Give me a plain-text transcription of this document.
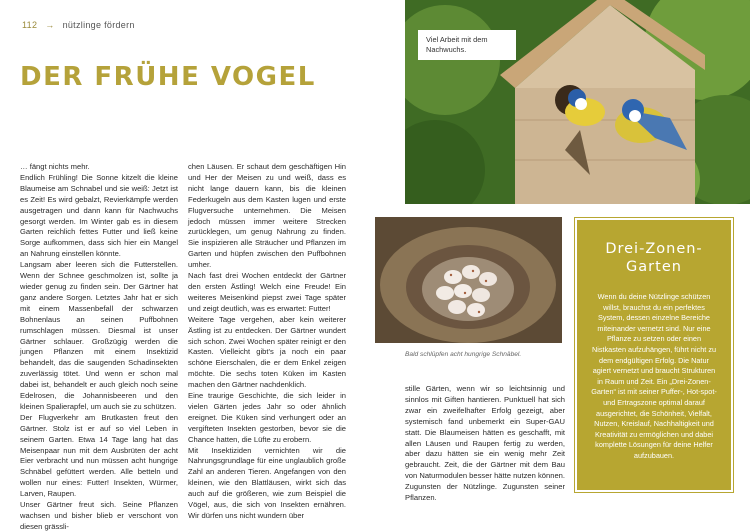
112 → nützlinge fördern
DER FRÜHE VOGEL

… fängt nichts mehr.

Endlich Frühling! Die Sonne kitzelt die kleine Blaumeise am Schnabel und sie weiß: Jetzt ist es Zeit! Es wird gebalzt, Revierkämpfe werden ausgetragen und dann kann für Nachwuchs gesorgt werden. Im Winter gab es in diesem Garten reichlich fettes Futter und ließ keine Sorge aufkommen, dass sich hier ein Mangel an Nahrung einstellen könnte.

Langsam aber leeren sich die Futterstellen. Wenn der Schnee geschmolzen ist, sollte ja wieder genug zu finden sein. Der Gärtner hat ganz andere Sorgen. Letztes Jahr hat er sich mit einem Massenbefall der schwarzen Bohnenlaus an seinen Puffbohnen rumschlagen müssen. Diesmal ist unser Gärtner schlauer. Großzügig werden die jungen Pflanzen mit einem Insektizid behandelt, das die saugenden Schadinsekten zuverlässig tötet. Und wenn er schon mal dabei ist, behandelt er auch gleich noch seine Edelrosen, die Johannisbeeren und den kleinen Spalierapfel, um auch sie zu schützen.

Der Flugverkehr am Brutkasten freut den Gärtner. Stolz ist er auf so viel Leben in seinem Garten. Etwa 14 Tage lang hat das Meisenpaar nun mit dem Ausbrüten der acht Eier verbracht und nun müssen acht hungrige Schnäbel gefüttert werden. Alle betteln und wollen nur eines: Futter! Insekten, Würmer, Larven, Raupen.

Unser Gärtner freut sich. Seine Pflanzen wachsen und bisher blieb er verschont von diesen grässli-

chen Läusen. Er schaut dem geschäftigen Hin und Her der Meisen zu und weiß, dass es nicht lange dauern kann, bis die kleinen Federkugeln aus dem Kasten lugen und erste Flugversuche unternehmen. Die Meisen jedoch müssen immer weitere Strecken zurücklegen, um genug Nahrung zu finden. Sie inspizieren alle Sträucher und Pflanzen im Garten und hüpfen zwischen den Puffbohnen umher.

Nach fast drei Wochen entdeckt der Gärtner den ersten Ästling! Welch eine Freude! Ein weiteres Meisenkind piepst zwei Tage später und zeigt deutlich, was es erwartet: Futter!

Weitere Tage vergehen, aber kein weiterer Ästling ist zu entdecken. Der Gärtner wundert sich schon. Zwei Wochen später reinigt er den Kasten. Vielleicht gibt's ja noch ein paar schöne Eierschalen, die er dem Enkel zeigen möchte. Die sechs toten Küken im Kasten machen den Gärtner nachdenklich.

Eine traurige Geschichte, die sich leider in vielen Gärten jedes Jahr so oder ähnlich ereignet. Die Küken sind verhungert oder an vergifteten Insekten gestorben, bevor sie die Chance hatten, die Lüfte zu erobern.

Mit Insektiziden vernichten wir die Nahrungsgrundlage für eine unglaublich große Zahl an anderen Tieren. Angefangen von den kleinen, wie den Blattläusen, wirkt sich das auch auf die größeren, wie zum Beispiel die Vögel, aus, die sich von Insekten ernähren. Wir dürfen uns nicht wundern über

Viel Arbeit mit dem Nachwuchs.
Bald schlüpfen acht hungrige Schnäbel.

stille Gärten, wenn wir so leichtsinnig und sinnlos mit Giften hantieren. Punktuell hat sich zwar ein zweifelhafter Erfolg gezeigt, aber systemisch fand unbemerkt ein Super-GAU statt. Die Blaumeisen hätten es geschafft, mit allen Läusen und Raupen fertig zu werden, aber dazu hätten sie ein wenig mehr Zeit gebraucht. Zeit, die der Gärtner mit dem Bau von Naturmodulen besser hätte nutzen können. Zugunsten der Nützlinge. Zugunsten seiner Pflanzen.

Drei-Zonen-
Garten
Wenn du deine Nützlinge schützen willst, brauchst du ein perfektes System, dessen einzelne Bereiche miteinander vernetzt sind. Nur eine Pflanze zu setzen oder einen Nistkasten aufzuhängen, führt nicht zu dem endgültigen Erfolg. Die Natur agiert vernetzt und braucht Strukturen in Raum und Zeit. Ein „Drei-Zonen-Garten“ ist mit seiner Puffer-, Hot-spot- und Ertragszone optimal darauf ausgerichtet, die Schönheit, Vielfalt, Nutzen, Kreislauf, Nachhaltigkeit und Kreativität zu ermöglichen und dabei komplette Lösungen für deine Helfer aufzubauen.
